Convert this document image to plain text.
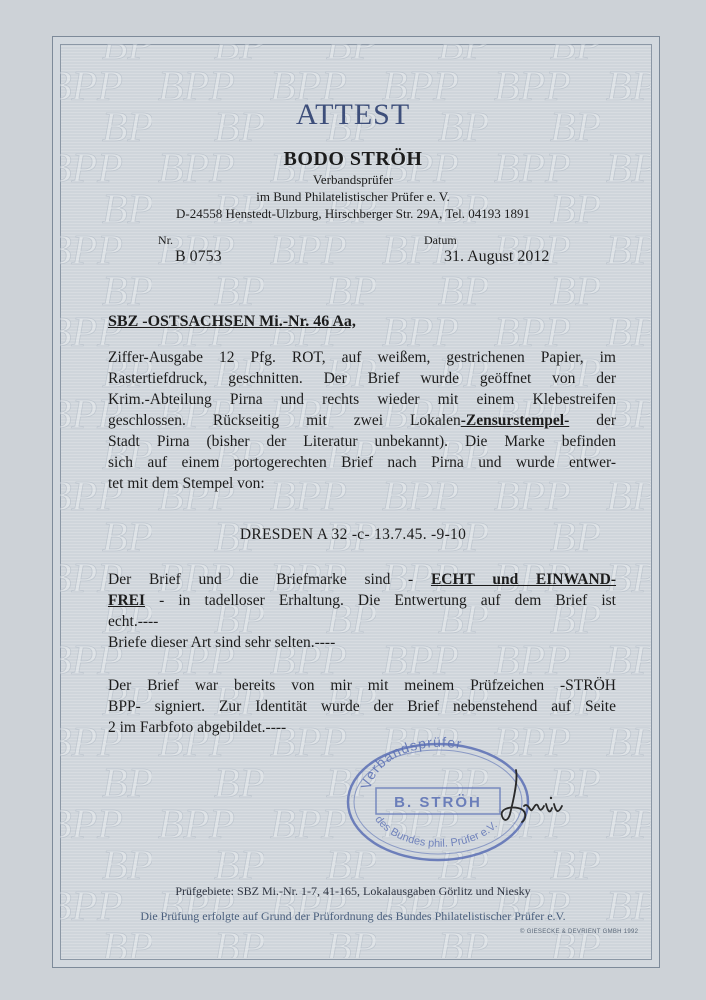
ATTEST
BODO STRÖH
Verbandsprüfer
im Bund Philatelistischer Prüfer e. V.
D-24558 Henstedt-Ulzburg, Hirschberger Str. 29A, Tel. 04193 1891
Nr.
B 0753
Datum
31. August 2012
SBZ -OSTSACHSEN Mi.-Nr. 46 Aa,
Ziffer-Ausgabe 12 Pfg. ROT, auf weißem, gestrichenen Papier, im
Rastertiefdruck, geschnitten. Der Brief wurde geöffnet von der
Krim.-Abteilung Pirna und rechts wieder mit einem Klebestreifen
geschlossen. Rückseitig mit zwei Lokalen-Zensurstempel- der
Stadt Pirna (bisher der Literatur unbekannt). Die Marke befinden
sich auf einem portogerechten Brief nach Pirna und wurde entwer-
tet mit dem Stempel von:
DRESDEN A 32 -c- 13.7.45. -9-10
Der Brief und die Briefmarke sind - ECHT und EINWAND-
FREI - in tadelloser Erhaltung. Die Entwertung auf dem Brief ist
echt.----
Briefe dieser Art sind sehr selten.----
Der Brief war bereits von mir mit meinem Prüfzeichen -STRÖH
BPP- signiert. Zur Identität wurde der Brief nebenstehend auf Seite
2 im Farbfoto abgebildet.----
Verbandsprüfer
B. STRÖH
des Bundes phil. Prüfer e.V.
Prüfgebiete: SBZ Mi.-Nr. 1-7, 41-165, Lokalausgaben Görlitz und Niesky
Die Prüfung erfolgte auf Grund der Prüfordnung des Bundes Philatelistischer Prüfer e.V.
© GIESECKE & DEVRIENT GMBH 1992
